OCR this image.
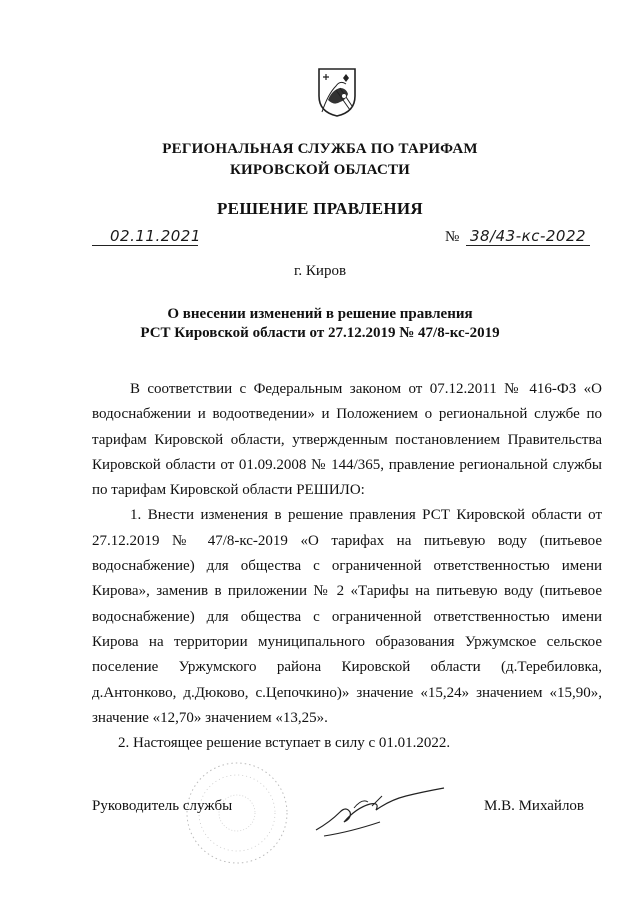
РЕГИОНАЛЬНАЯ СЛУЖБА ПО ТАРИФАМ
КИРОВСКОЙ ОБЛАСТИ
РЕШЕНИЕ ПРАВЛЕНИЯ
02.11.2021	№ 38/43-кс-2022
г. Киров
О внесении изменений в решение правления
РСТ Кировской области от 27.12.2019 № 47/8-кс-2019

В соответствии с Федеральным законом от 07.12.2011 № 416-ФЗ «О водоснабжении и водоотведении» и Положением о региональной службе по тарифам Кировской области, утвержденным постановлением Правительства Кировской области от 01.09.2008 № 144/365, правление региональной службы по тарифам Кировской области РЕШИЛО:

1. Внести изменения в решение правления РСТ Кировской области от 27.12.2019 № 47/8-кс-2019 «О тарифах на питьевую воду (питьевое водоснабжение) для общества с ограниченной ответственностью имени Кирова», заменив в приложении № 2 «Тарифы на питьевую воду (питьевое водоснабжение) для общества с ограниченной ответственностью имени Кирова на территории муниципального образования Уржумское сельское поселение Уржумского района Кировской области (д.Теребиловка, д.Антонково, д.Дюково, с.Цепочкино)» значение «15,24» значением «15,90», значение «12,70» значением «13,25».

2. Настоящее решение вступает в силу с 01.01.2022.

Руководитель службы	М.В. Михайлов
